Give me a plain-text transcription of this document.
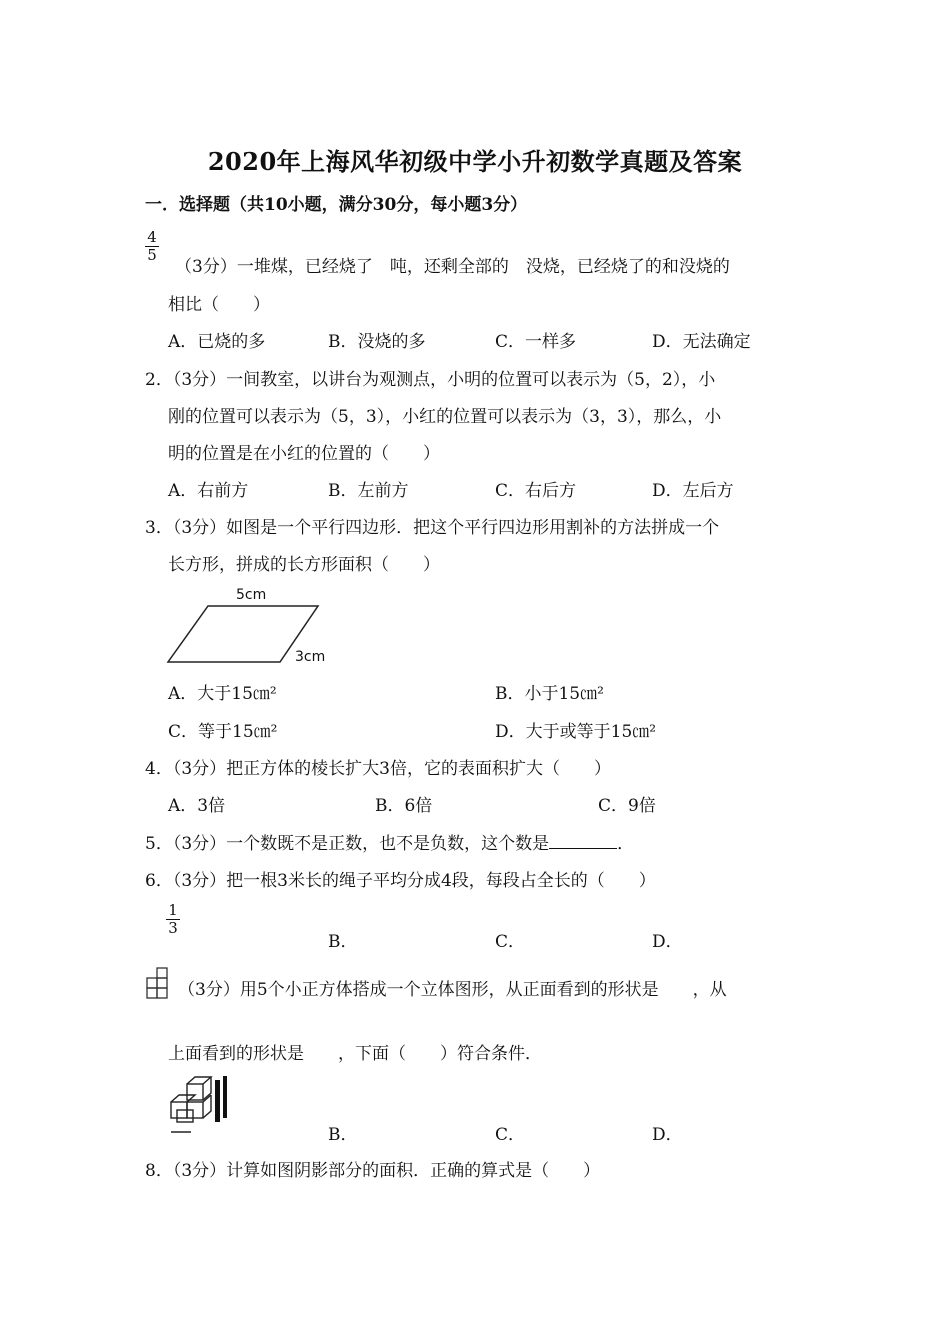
2020年上海风华初级中学小升初数学真题及答案
一．选择题（共10小题，满分30分，每小题3分）
$\frac{4}{5}$
（3分）一堆煤，已经烧了　吨，还剩全部的　没烧，已经烧了的和没烧的
相比（　　）
A．已烧的多	B．没烧的多	C．一样多	D．无法确定
2．（3分）一间教室，以讲台为观测点，小明的位置可以表示为（5，2），小
刚的位置可以表示为（5，3），小红的位置可以表示为（3，3），那么，小
明的位置是在小红的位置的（　　）
A．右前方	B．左前方	C．右后方	D．左后方
3．（3分）如图是一个平行四边形．把这个平行四边形用割补的方法拼成一个
长方形，拼成的长方形面积（　　）
5cm
3cm
A．大于15㎝²	B．小于15㎝²
C．等于15㎝²	D．大于或等于15㎝²
4．（3分）把正方体的棱长扩大3倍，它的表面积扩大（　　）
A．3倍	B．6倍	C．9倍
5．（3分）一个数既不是正数，也不是负数，这个数是	．
6．（3分）把一根3米长的绳子平均分成4段，每段占全长的（　　）
$\frac{1}{3}$
B．	C．	D．
（3分）用5个小正方体搭成一个立体图形，从正面看到的形状是　　，从
上面看到的形状是　　，下面（　　）符合条件．
B．	C．	D．
8．（3分）计算如图阴影部分的面积．正确的算式是（　　）
